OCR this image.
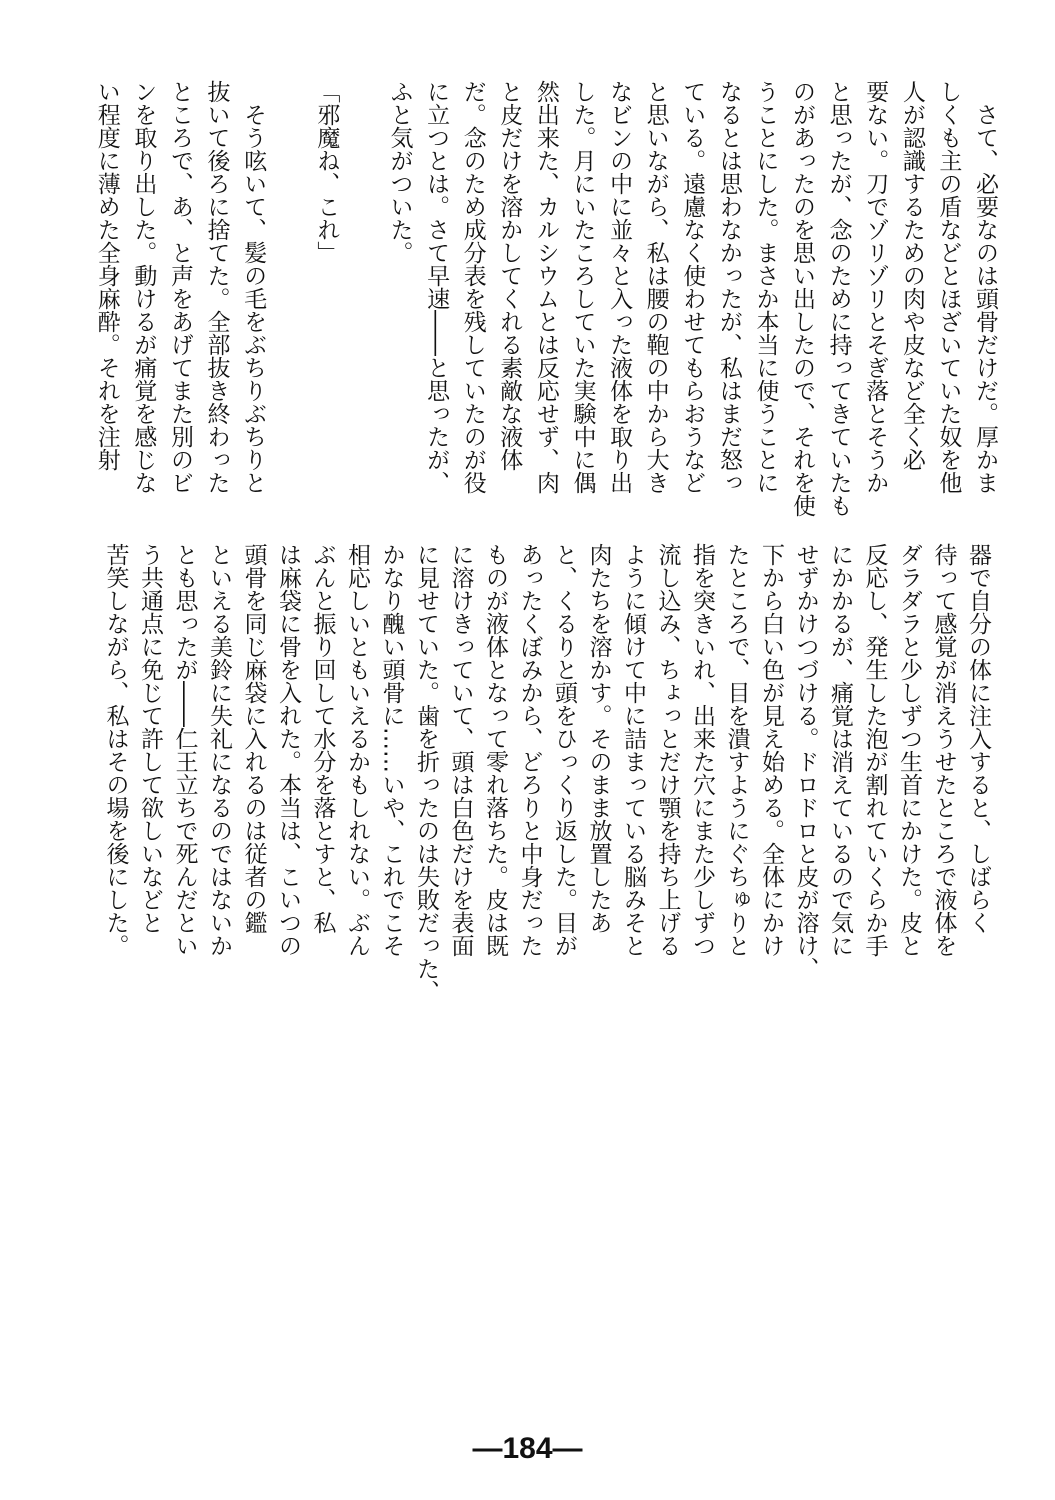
　さて、必要なのは頭骨だけだ。厚かま
しくも主の盾などとほざいていた奴を他
人が認識するための肉や皮など全く必
要ない。刀でゾリゾリとそぎ落とそうか
と思ったが、念のために持ってきていたも
のがあったのを思い出したので、それを使
うことにした。まさか本当に使うことに
なるとは思わなかったが、私はまだ怒っ
ている。遠慮なく使わせてもらおうなど
と思いながら、私は腰の鞄の中から大き
なビンの中に並々と入った液体を取り出
した。月にいたころしていた実験中に偶
然出来た、カルシウムとは反応せず、肉
と皮だけを溶かしてくれる素敵な液体
だ。念のため成分表を残していたのが役
に立つとは。さて早速――と思ったが、
ふと気がついた。
「邪魔ね、これ」
　そう呟いて、髪の毛をぶちりぶちりと
抜いて後ろに捨てた。全部抜き終わった
ところで、あ、と声をあげてまた別のビ
ンを取り出した。動けるが痛覚を感じな
い程度に薄めた全身麻酔。それを注射
器で自分の体に注入すると、しばらく
待って感覚が消えうせたところで液体を
ダラダラと少しずつ生首にかけた。皮と
反応し、発生した泡が割れていくらか手
にかかるが、痛覚は消えているので気に
せずかけつづける。ドロドロと皮が溶け、
下から白い色が見え始める。全体にかけ
たところで、目を潰すようにぐちゅりと
指を突きいれ、出来た穴にまた少しずつ
流し込み、ちょっとだけ顎を持ち上げる
ように傾けて中に詰まっている脳みそと
肉たちを溶かす。そのまま放置したあ
と、くるりと頭をひっくり返した。目が
あったくぼみから、どろりと中身だった
ものが液体となって零れ落ちた。皮は既
に溶けきっていて、頭は白色だけを表面
に見せていた。歯を折ったのは失敗だった、
かなり醜い頭骨に……いや、これでこそ
相応しいともいえるかもしれない。ぶん
ぶんと振り回して水分を落とすと、私
は麻袋に骨を入れた。本当は、こいつの
頭骨を同じ麻袋に入れるのは従者の鑑
といえる美鈴に失礼になるのではないか
とも思ったが――仁王立ちで死んだとい
う共通点に免じて許して欲しいなどと
苦笑しながら、私はその場を後にした。
—184—
